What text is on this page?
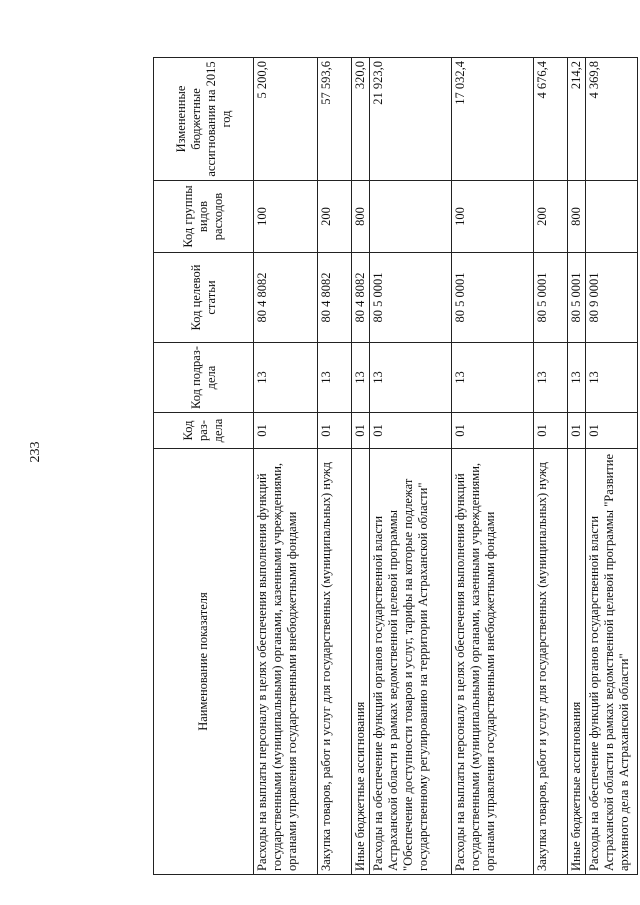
233
Наименование показателя	Код раз-дела	Код подраз-дела	Код целевой статьи	Код группы видов расходов	Измененные бюджетные ассигнования на 2015 год
Расходы на выплаты персоналу в целях обеспечения выполнения функций государственными (муниципальными) органами, казенными учреждениями, органами управления государственными внебюджетными фондами	01	13	80 4 8082	100	5 200,0
Закупка товаров, работ и услуг для государственных (муниципальных) нужд	01	13	80 4 8082	200	57 593,6
Иные бюджетные ассигнования	01	13	80 4 8082	800	320,0
Расходы на обеспечение функций органов государственной власти Астраханской области в рамках ведомственной целевой программы "Обеспечение доступности товаров и услуг, тарифы на которые подлежат государственному регулированию на территории Астраханской области"	01	13	80 5 0001		21 923,0
Расходы на выплаты персоналу в целях обеспечения выполнения функций государственными (муниципальными) органами, казенными учреждениями, органами управления государственными внебюджетными фондами	01	13	80 5 0001	100	17 032,4
Закупка товаров, работ и услуг для государственных (муниципальных) нужд	01	13	80 5 0001	200	4 676,4
Иные бюджетные ассигнования	01	13	80 5 0001	800	214,2
Расходы на обеспечение функций органов государственной власти Астраханской области в рамках ведомственной целевой программы "Развитие архивного дела в Астраханской области"	01	13	80 9 0001		4 369,8
